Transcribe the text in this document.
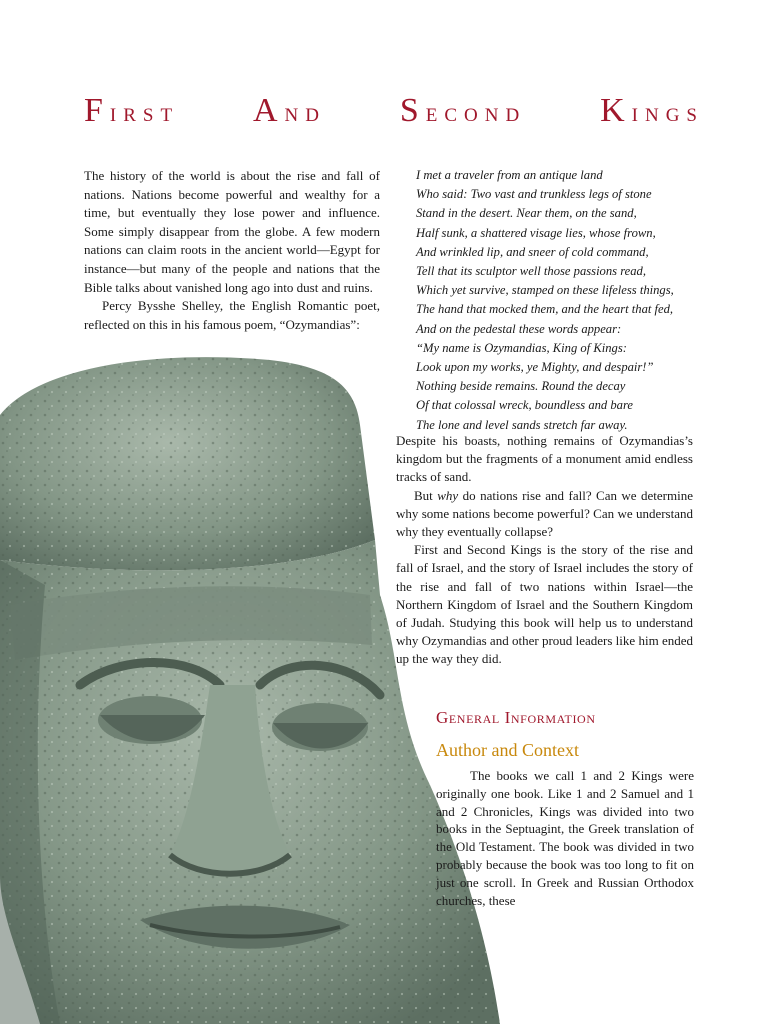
FIRST	AND	SECOND	KINGS

The history of the world is about the rise and fall of nations. Nations become powerful and wealthy for a time, but eventually they lose power and influence. Some simply disappear from the globe. A few modern nations can claim roots in the ancient world—Egypt for instance—but many of the people and nations that the Bible talks about vanished long ago into dust and ruins.

Percy Bysshe Shelley, the English Romantic poet, reflected on this in his famous poem, “Ozymandias”:

I met a traveler from an antique land
Who said: Two vast and trunkless legs of stone
Stand in the desert. Near them, on the sand,
Half sunk, a shattered visage lies, whose frown,
And wrinkled lip, and sneer of cold command,
Tell that its sculptor well those passions read,
Which yet survive, stamped on these lifeless things,
The hand that mocked them, and the heart that fed,
And on the pedestal these words appear:
“My name is Ozymandias, King of Kings:
Look upon my works, ye Mighty, and despair!”
Nothing beside remains. Round the decay
Of that colossal wreck, boundless and bare
The lone and level sands stretch far away.

Despite his boasts, nothing remains of Ozymandias’s kingdom but the fragments of a monument amid endless tracks of sand.

But why do nations rise and fall? Can we determine why some nations become powerful? Can we understand why they eventually collapse?

First and Second Kings is the story of the rise and fall of Israel, and the story of Israel includes the story of the rise and fall of two nations within Israel—the Northern Kingdom of Israel and the Southern Kingdom of Judah. Studying this book will help us to understand why Ozymandias and other proud leaders like him ended up the way they did.

General Information
Author and Context

The books we call 1 and 2 Kings were originally one book. Like 1 and 2 Samuel and 1 and 2 Chronicles, Kings was divided into two books in the Septuagint, the Greek translation of the Old Testament. The book was divided in two probably because the book was too long to fit on just one scroll. In Greek and Russian Orthodox churches, these
